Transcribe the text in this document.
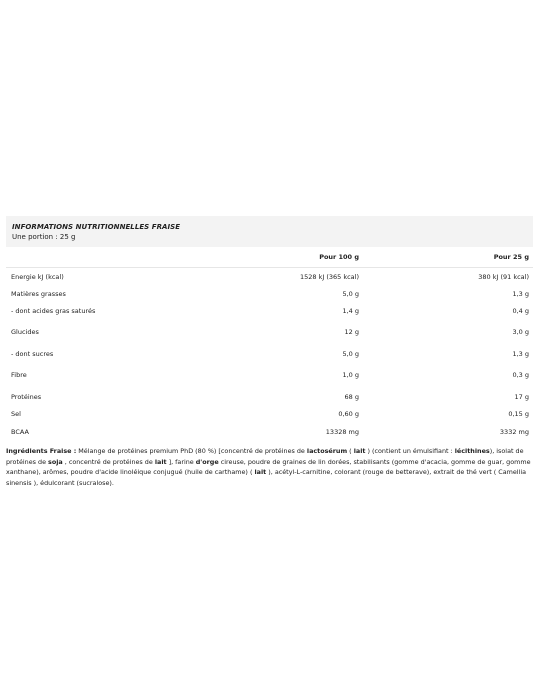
INFORMATIONS NUTRITIONNELLES FRAISE
Une portion : 25 g
	Pour 100 g	Pour 25 g
Energie kJ (kcal)	1528 kJ (365 kcal)	380 kJ (91 kcal)
Matières grasses	5,0 g	1,3 g
- dont acides gras saturés	1,4 g	0,4 g
Glucides	12 g	3,0 g
- dont sucres	5,0 g	1,3 g
Fibre	1,0 g	0,3 g
Protéines	68 g	17 g
Sel	0,60 g	0,15 g
BCAA	13328 mg	3332 mg
Ingrédients Fraise : Mélange de protéines premium PhD (80 %) [concentré de protéines de lactosérum ( lait ) (contient un émulsifiant : lécithines), isolat de protéines de soja , concentré de protéines de lait ], farine d'orge cireuse, poudre de graines de lin dorées, stabilisants (gomme d'acacia, gomme de guar, gomme xanthane), arômes, poudre d'acide linoléique conjugué (huile de carthame) ( lait ), acétyl-L-carnitine, colorant (rouge de betterave), extrait de thé vert ( Camellia sinensis ), édulcorant (sucralose).
